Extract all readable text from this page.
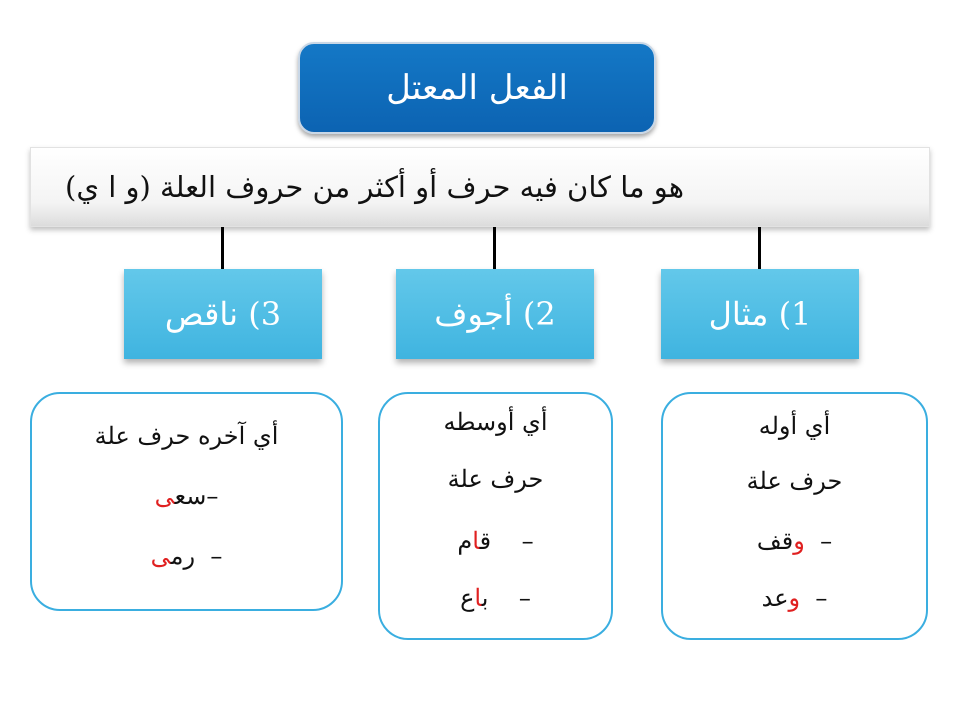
الفعل المعتل
هو ما كان فيه حرف أو أكثر من حروف العلة (و ا ي)
1) مثال
2) أجوف
3) ناقص
أي أوله
حرف علة
وقف –
وعد –
أي أوسطه
حرف علة
قام –
باع –
أي آخره حرف علة
سعى –
رمى –
